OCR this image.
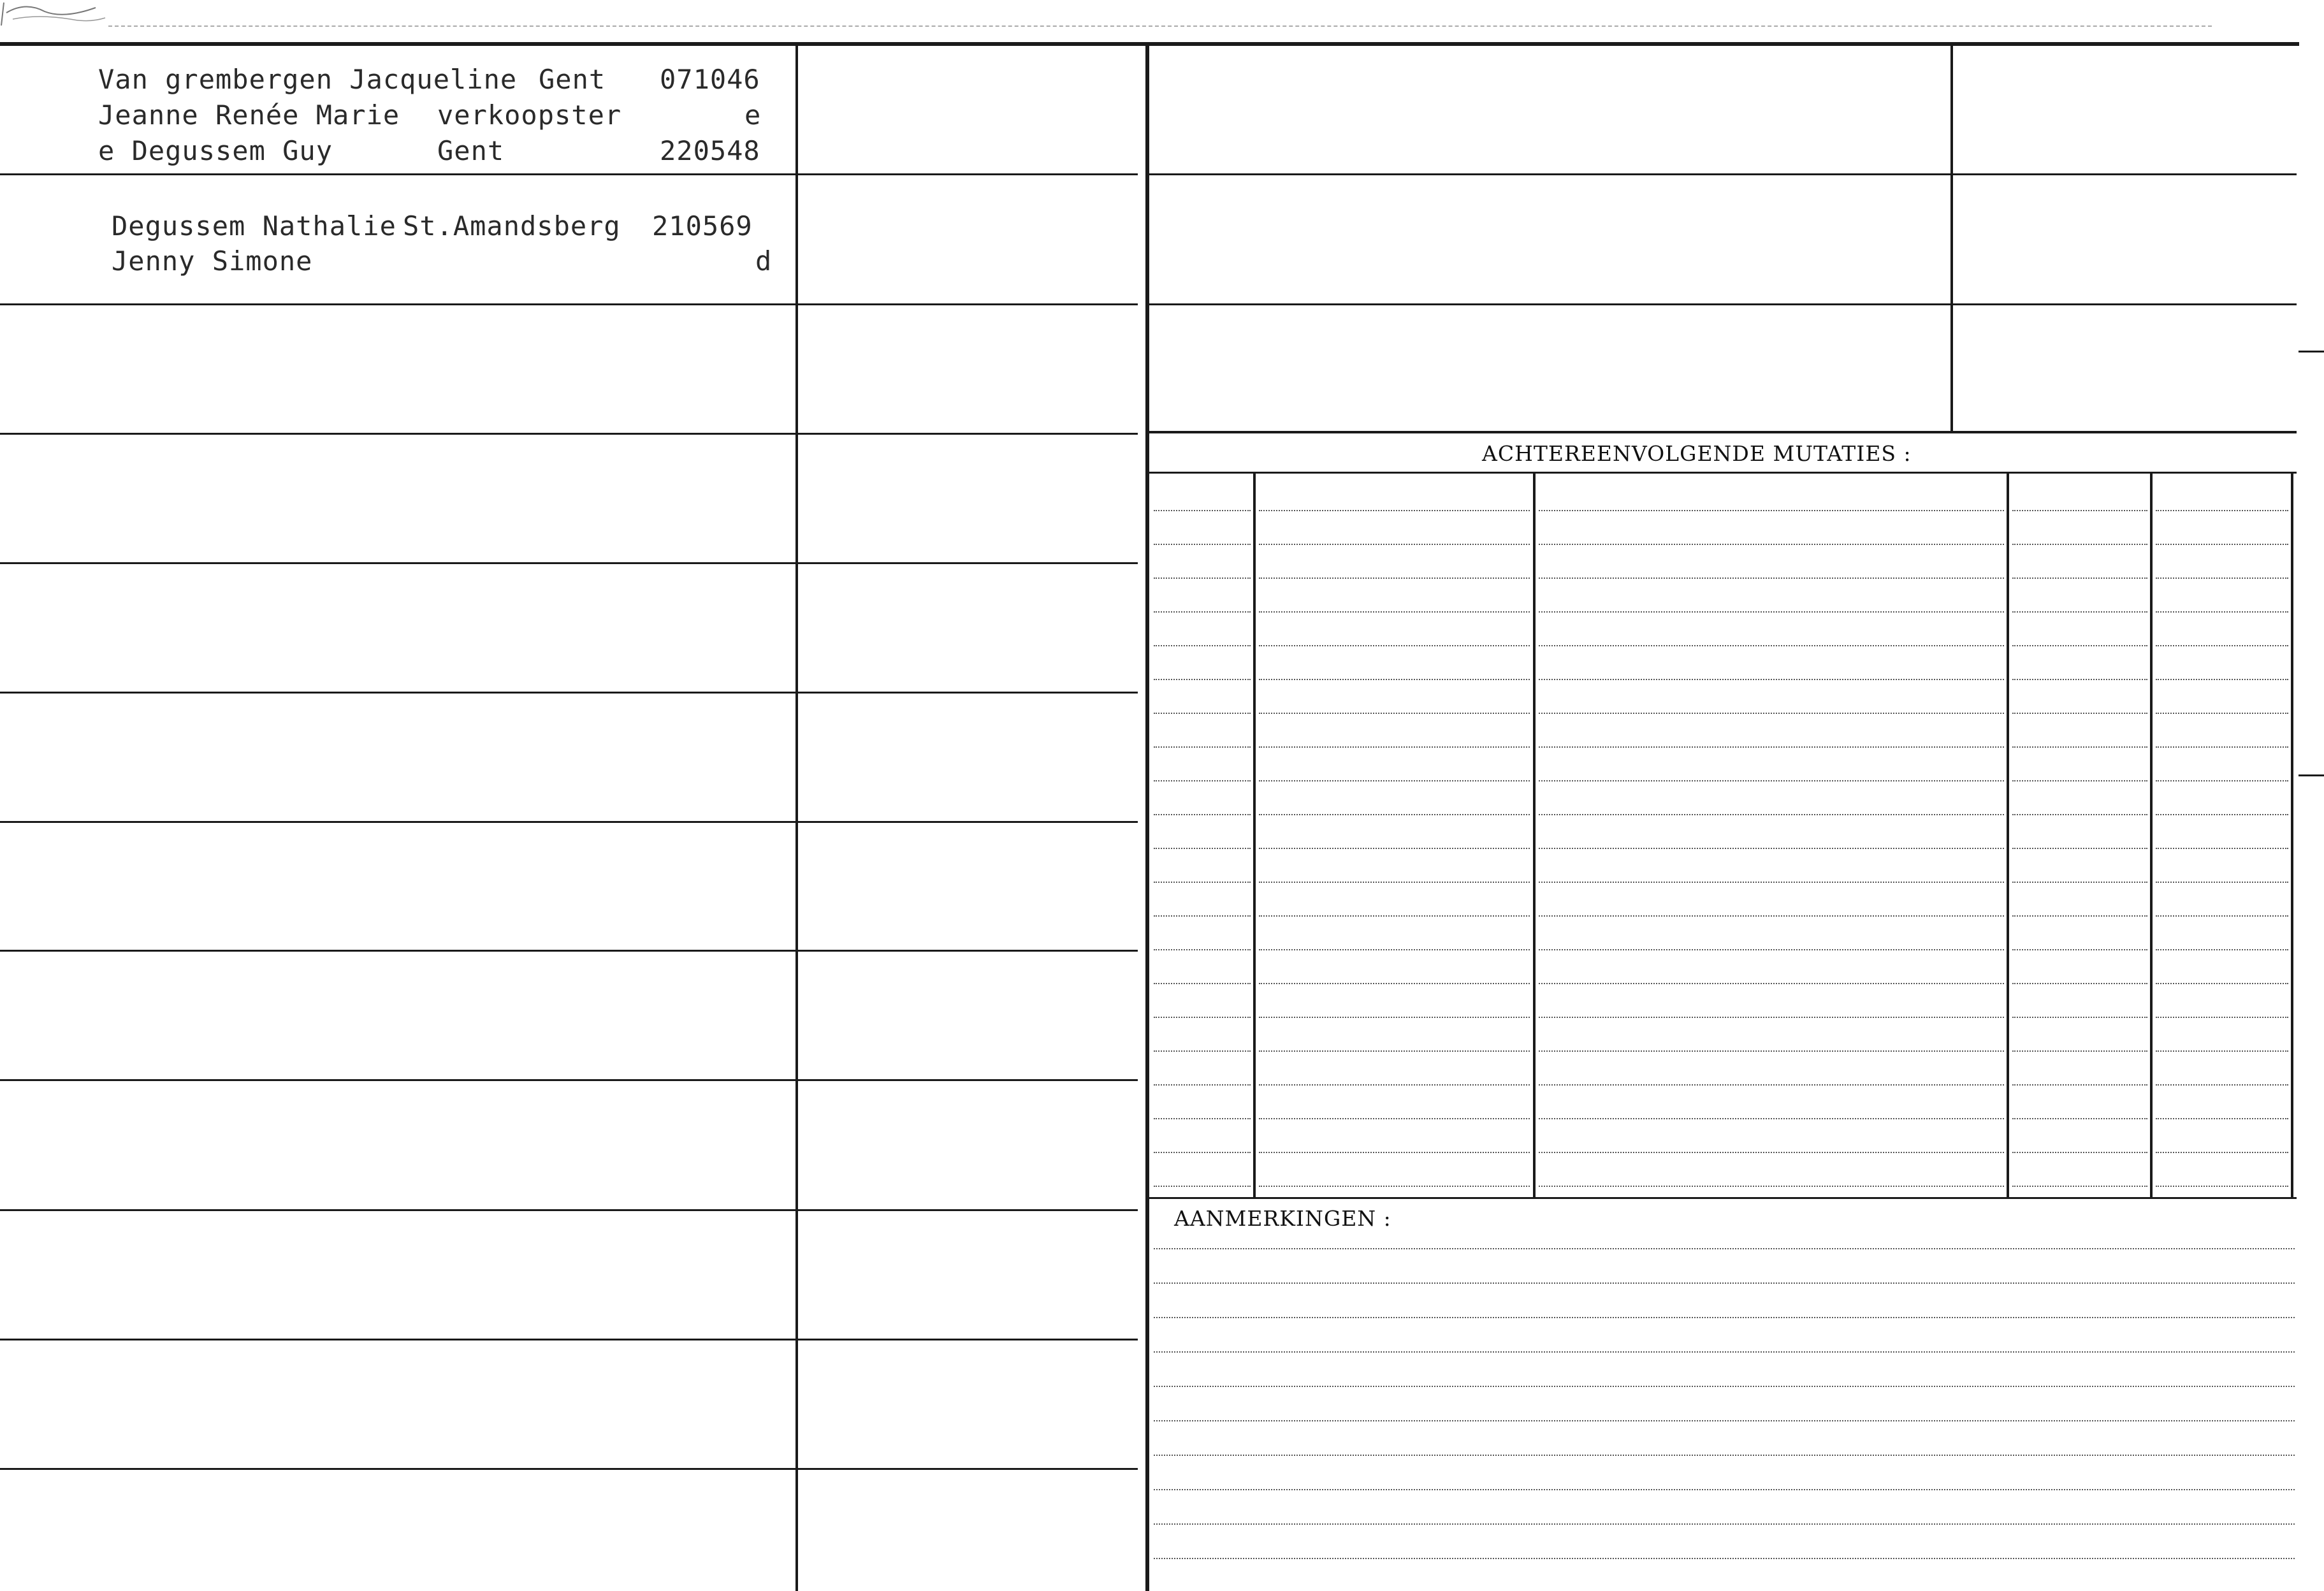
Van grembergen Jacqueline Gent 071046
Jeanne Renée Marie verkoopster	e
e Degussem Guy	Gent	220548
Degussem Nathalie St.Amandsberg 210569
Jenny Simone	d
ACHTEREENVOLGENDE MUTATIES :
AANMERKINGEN :
